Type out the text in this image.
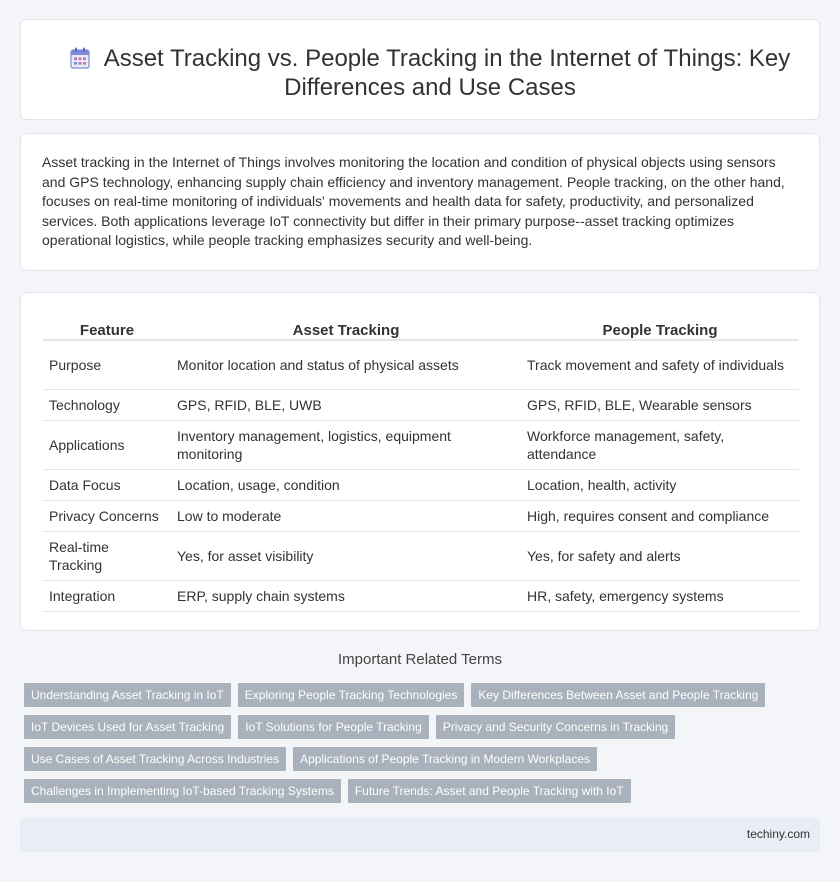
Asset Tracking vs. People Tracking in the Internet of Things: Key Differences and Use Cases

Asset tracking in the Internet of Things involves monitoring the location and condition of physical objects using sensors and GPS technology, enhancing supply chain efficiency and inventory management. People tracking, on the other hand, focuses on real-time monitoring of individuals' movements and health data for safety, productivity, and personalized services. Both applications leverage IoT connectivity but differ in their primary purpose--asset tracking optimizes operational logistics, while people tracking emphasizes security and well-being.

Feature	Asset Tracking	People Tracking
Purpose	Monitor location and status of physical assets	Track movement and safety of individuals
Technology	GPS, RFID, BLE, UWB	GPS, RFID, BLE, Wearable sensors
Applications	Inventory management, logistics, equipment monitoring	Workforce management, safety, attendance
Data Focus	Location, usage, condition	Location, health, activity
Privacy Concerns	Low to moderate	High, requires consent and compliance
Real-time Tracking	Yes, for asset visibility	Yes, for safety and alerts
Integration	ERP, supply chain systems	HR, safety, emergency systems
Important Related Terms
Understanding Asset Tracking in IoT	Exploring People Tracking Technologies	Key Differences Between Asset and People Tracking
IoT Devices Used for Asset Tracking	IoT Solutions for People Tracking	Privacy and Security Concerns in Tracking
Use Cases of Asset Tracking Across Industries	Applications of People Tracking in Modern Workplaces
Challenges in Implementing IoT-based Tracking Systems	Future Trends: Asset and People Tracking with IoT
techiny.com
